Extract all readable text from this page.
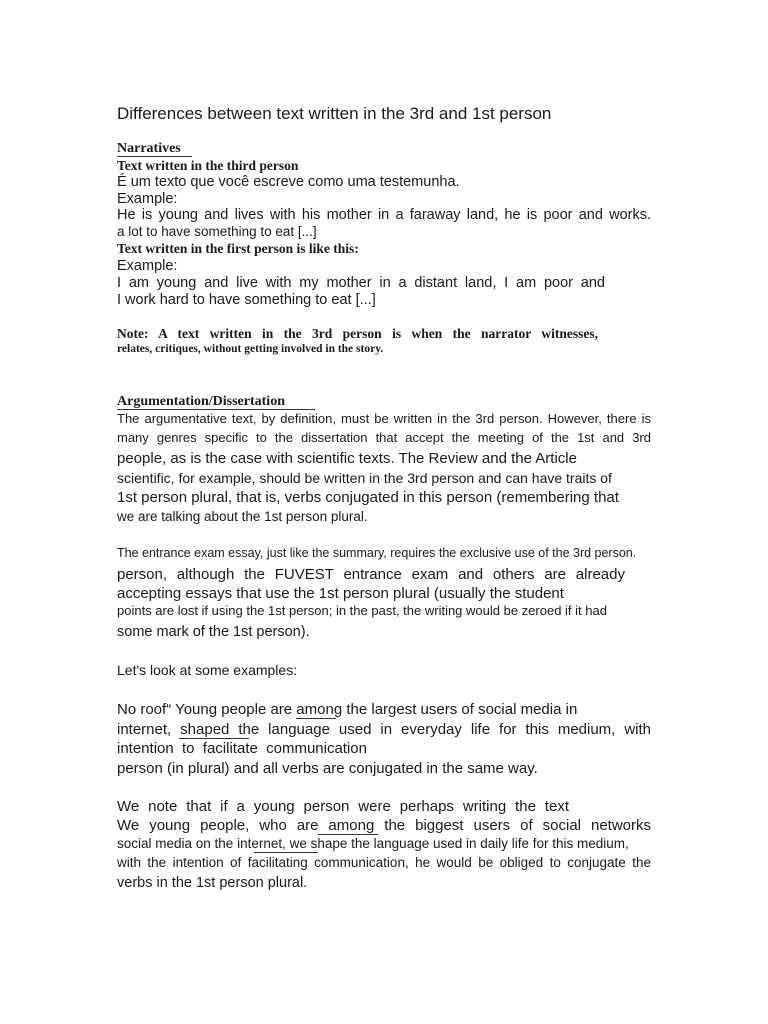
Differences between text written in the 3rd and 1st person
Narratives
Text written in the third person
É um texto que você escreve como uma testemunha.
Example:
He is young and lives with his mother in a faraway land, he is poor and works.
a lot to have something to eat [...]
Text written in the first person is like this:
Example:
I am young and live with my mother in a distant land, I am poor and
I work hard to have something to eat [...]
Note: A text written in the 3rd person is when the narrator witnesses,
relates, critiques, without getting involved in the story.
Argumentation/Dissertation
The argumentative text, by definition, must be written in the 3rd person. However, there is
many genres specific to the dissertation that accept the meeting of the 1st and 3rd
people, as is the case with scientific texts. The Review and the Article
scientific, for example, should be written in the 3rd person and can have traits of
1st person plural, that is, verbs conjugated in this person (remembering that
we are talking about the 1st person plural.
The entrance exam essay, just like the summary, requires the exclusive use of the 3rd person.
person, although the FUVEST entrance exam and others are already
accepting essays that use the 1st person plural (usually the student
points are lost if using the 1st person; in the past, the writing would be zeroed if it had
some mark of the 1st person).
Let's look at some examples:
No roof“ Young people are among the largest users of social media in
internet, shaped the language used in everyday life for this medium, with
intention to facilitate communication
person (in plural) and all verbs are conjugated in the same way.
We note that if a young person were perhaps writing the text
We young people, who are among the biggest users of social networks
social media on the internet, we shape the language used in daily life for this medium,
with the intention of facilitating communication, he would be obliged to conjugate the
verbs in the 1st person plural.
